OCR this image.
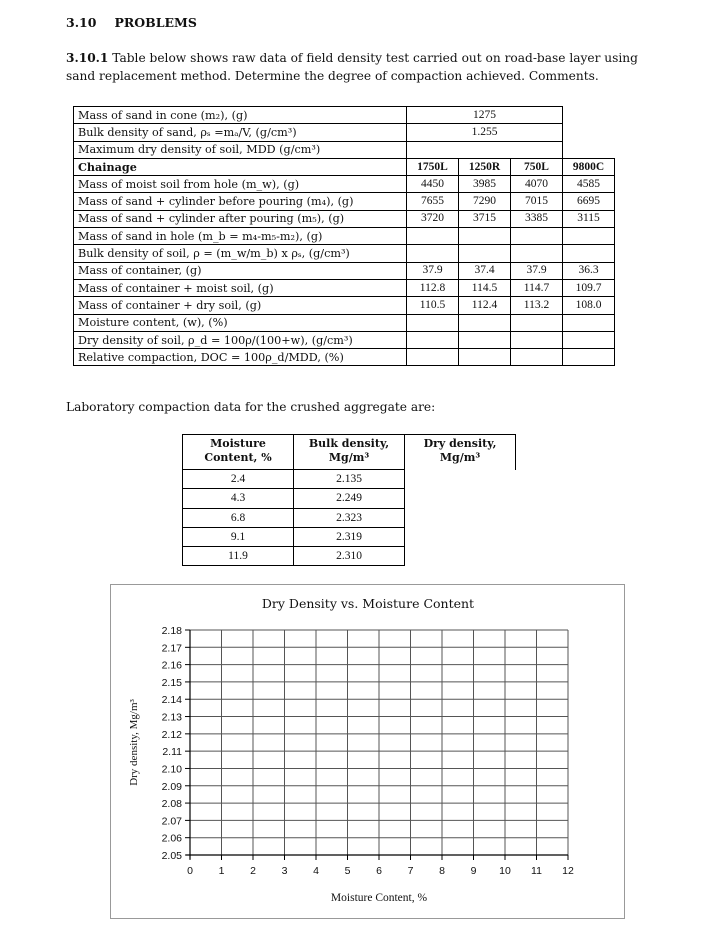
3.10 PROBLEMS
3.10.1 Table below shows raw data of field density test carried out on road-base layer using sand replacement method. Determine the degree of compaction achieved. Comments.
Mass of sand in cone (m₂), (g)	1275			
Bulk density of sand, ρₛ =mₐ/V, (g/cm³)	1.255			
Maximum dry density of soil, MDD (g/cm³)				
Chainage	1750L	1250R	750L	9800C
Mass of moist soil from hole (m_w), (g)	4450	3985	4070	4585
Mass of sand + cylinder before pouring (m₄), (g)	7655	7290	7015	6695
Mass of sand + cylinder after pouring (m₅), (g)	3720	3715	3385	3115
Mass of sand in hole (m_b = m₄-m₅-m₂), (g)				
Bulk density of soil, ρ = (m_w/m_b) x ρₛ, (g/cm³)				
Mass of container, (g)	37.9	37.4	37.9	36.3
Mass of container + moist soil, (g)	112.8	114.5	114.7	109.7
Mass of container + dry soil, (g)	110.5	112.4	113.2	108.0
Moisture content, (w), (%)				
Dry density of soil, ρ_d = 100ρ/(100+w), (g/cm³)				
Relative compaction, DOC = 100ρ_d/MDD, (%)				
Laboratory compaction data for the crushed aggregate are:
Moisture Content, %	Bulk density, Mg/m³	Dry density, Mg/m³
2.4	2.135	
4.3	2.249	
6.8	2.323	
9.1	2.319	
11.9	2.310	
Dry Density vs. Moisture Content
0 1 2 3 4 5 6 7 8 9 10 11 12
2.05
2.06
2.07
2.08
2.09
2.10
2.11
2.12
2.13
2.14
2.15
2.16
2.17
2.18
Moisture Content, %
Dry density, Mg/m³
